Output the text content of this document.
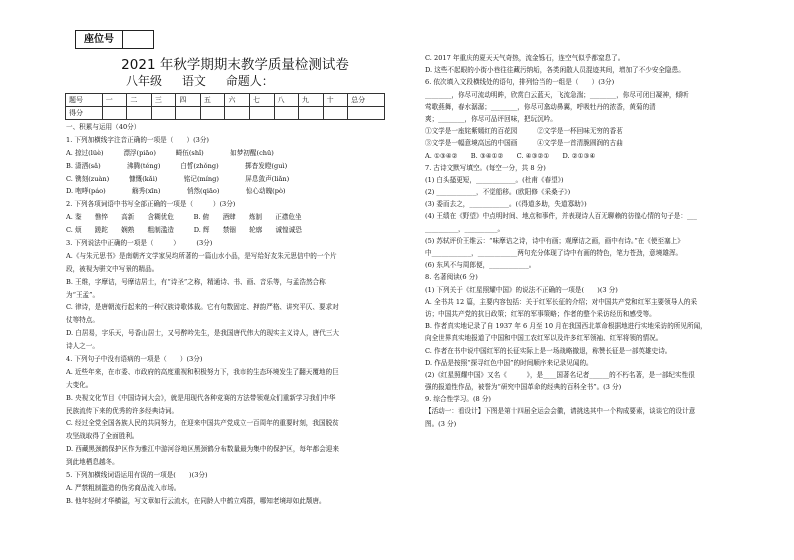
座位号
2021 年秋学期期末教学质量检测试卷
八年级 语文 命题人：
题号	一	二	三	四	五	六	七	八	九	十	总分
得分											
一、积累与运用（40分）
1. 下列加横线字注音正确的一项是（　　）(3分)
A. 掠过(lüè)　　　漂浮(piāo)　　　畸伍(shǐ)　　　　如梦初醒(chū)
B. 潇洒(sǎ)　　　　沸腾(téng)　　　白皙(zhǒng)　　　　掷杳发瞪(guì)
C. 镌刻(zuàn)　　　慷慨(kǎi)　　　　铭记(míng)　　　　屏息敛声(liǎn)
D. 咆哮(páo)　　　　觞秀(xīn)　　　　悄然(qiāo)　　　　惊心动魄(pò)
2. 下列各项词语中书写全部正确的一项是（　　　）(3分)
A. 鉴　　憔悴　　高新　　含糊优危　　　B. 俯　　酒肆　　炼制　　正襟危坐
C. 烦　　蹉跎　　娴熟　　粗制滥造　　　D. 辉　　禁锢　　轮廓　　诚惶诚恐
3. 下列说法中正确的一项是（　　　）　　　(3分)
A.《与朱元思书》是南朝齐文学家吴均所著的一篇山水小品，是写给好友朱元思信中的一个片
段，被视为骈文中写景的精品。
B. 王维，字摩诘，号摩诘居士，有“诗圣”之称，精通诗、书、画、音乐等，与孟浩然合称
为“王孟”。
C. 律诗，是唐朝流行起来的一种汉族诗歌体裁。它有句数固定、押韵严格、讲究平仄、要求对
仗等特点。
D. 白居易，字乐天，号香山居士，又号醉吟先生，是我国唐代伟大的现实主义诗人，唐代三大
诗人之一。
4. 下列句子中没有语病的一项是（　　）(3分)
A. 近些年来，在市委、市政府的高度重视和积极努力下，我市的生态环境发生了翻天覆地的巨
大变化。
B. 央视文化节目《中国诗词大会》，就是用现代各种竞赛的方法带领观众们重新学习我们中华
民族流传下来的优秀的许多经典诗词。
C. 经过全党全国各族人民的共同努力，在迎来中国共产党成立一百周年的重要时刻，我国脱贫
攻坚战取得了全面胜利。
D. 西藏黑颈鹤保护区作为雅江中游河谷地区黑颈鹤分布数量最为集中的保护区，每年都会迎来
到此地栖息越冬。
5. 下列加横线词语运用有误的一项是(　　)(3分)
A. 严禁粗制滥造的伪劣商品流入市场。
B. 他年轻时才华横溢，写文章如行云流水，在同龄人中鹤立鸡群，哪知老境却如此颓唐。
C. 2017 年重庆的夏天天气奇热，流金铄石，连空气似乎都窒息了。
D. 这些不起眼的小街小巷往往藏污纳垢，各类闲散人员混迹其间，增加了不少安全隐患。
6. 依次填入文段横线处的语句，排列恰当的一组是（　　）(3分)
________，你尽可流动明眸，欣赏白云蓝天，飞流急湍；________，你尽可闭目凝神，倾听
莺歌燕舞，春水潺潺；________，你尽可翕动鼻翼，呼吸牡丹的浓香，黄菊的清
爽；________，你尽可品评回味，把玩沉吟。
①文学是一座姹紫嫣红的百花园　　　②文学是一杯回味无穷的香茗
③文学是一幅意境高远的中国画　　　④文学是一首清脆圆润的古曲
A. ①③④②　　B. ③④①②　　C. ④③②①　　D. ②①③④
7. 古诗文默写填空。(每空一分，共 8 分)
(1) 白头搔更短，____________。(杜甫《春望》)
(2) ____________，不觉船移。(欧阳修《采桑子》)
(3) 委而去之，____________。(《得道多助，失道寡助》)
(4) 王绩在《野望》中点明时间、地点和事件，并表现诗人百无聊赖的彷徨心情的句子是：___
__________，__________。
(5) 苏轼评价王维云：“味摩诘之诗，诗中有画；观摩诘之画，画中有诗。”在《使至塞上》
中____________，____________两句充分体现了诗中有画的特色，笔力苍劲，意境雄浑。
(6) 东风不与周郎便，____________。
8. 名著阅读(6 分)
(1) 下列关于《红星照耀中国》的说法不正确的一项是(　　)(3 分)
A. 全书共 12 篇，主要内容包括：关于红军长征的介绍；对中国共产党和红军主要领导人的采
访；中国共产党的抗日政策；红军的军事策略；作者的整个采访经历和感受等。
B. 作者真实地记录了自 1937 年 6 月至 10 月在我国西北革命根据地进行实地采访的所见所闻，
向全世界真实地报道了中国和中国工农红军以及许多红军领袖、红军将领的情况。
C. 作者在书中说中国红军的长征实际上是一场战略撤退，称赞长征是一部英雄史诗。
D. 作品是按照“探寻红色中国”的时间顺序来记录见闻的。
(2)《红星照耀中国》又名《　　　》，是____国著名记者______的不朽名著，是一部纪实性很
强的报道性作品，被誉为“研究中国革命的经典的百科全书”。(3 分)
9. 综合性学习。(8 分)
【活动一：看设计】下图是第十四届全运会会徽，请挑选其中一个构成要素，谈谈它的设计意
图。(3 分)
